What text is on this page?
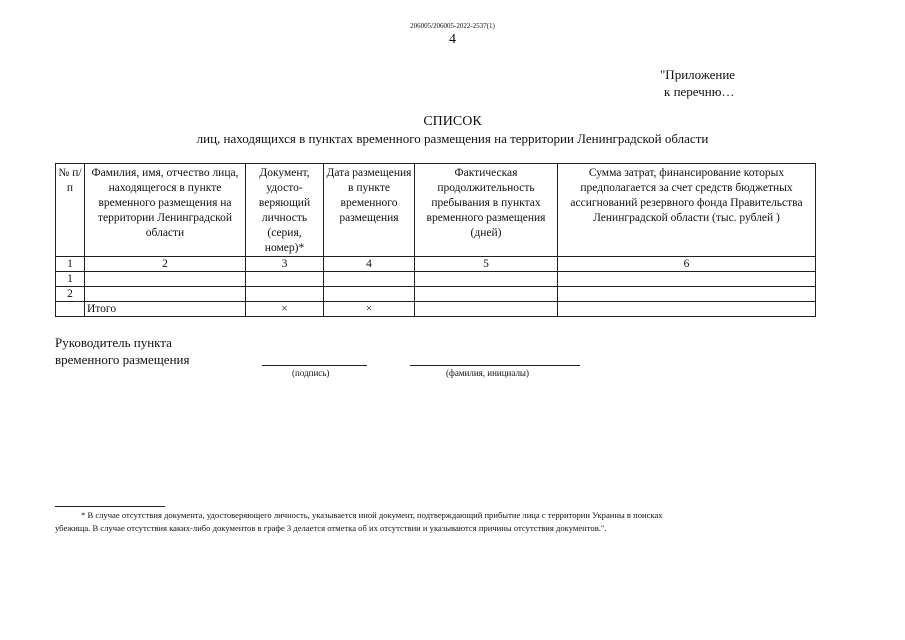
206005/206005-2022-2537(1)
4
"Приложение
к перечню…
СПИСОК
лиц, находящихся в пунктах временного размещения на территории Ленинградской области
№ п/п	Фамилия, имя, отчество лица, находящегося в пункте временного размещения на территории Ленинградской области	Документ, удосто- веряющий личность (серия, номер)*	Дата размещения в пункте временного размещения	Фактическая продолжительность пребывания в пунктах временного размещения (дней)	Сумма затрат, финансирование которых предполагается за счет средств бюджетных ассигнований резервного фонда Правительства Ленинградской области (тыс. рублей )
1	2	3	4	5	6
1					
2					
	Итого	×	×		
Руководитель пункта
временного размещения
(подпись)	(фамилия, инициалы)
* В случае отсутствия документа, удостоверяющего личность, указывается иной документ, подтверждающий прибытие лица с территории Украины в поисках
убежища. В случае отсутствия каких-либо документов в графе 3 делается отметка об их отсутствии и указываются причины отсутствия документов.".
